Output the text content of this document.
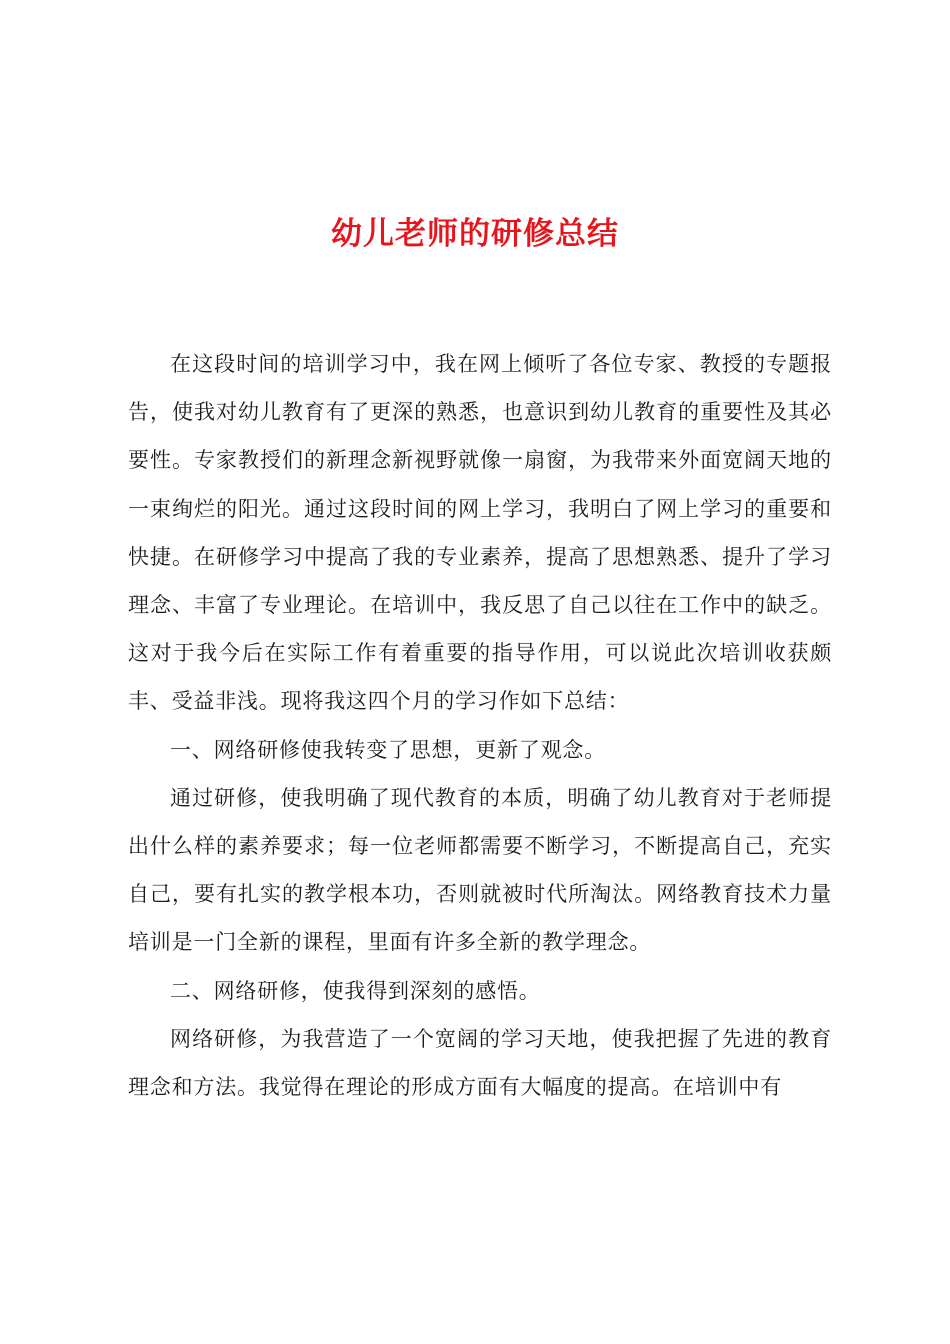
幼儿老师的研修总结

在这段时间的培训学习中，我在网上倾听了各位专家、教授的专题报告，使我对幼儿教育有了更深的熟悉，也意识到幼儿教育的重要性及其必要性。专家教授们的新理念新视野就像一扇窗，为我带来外面宽阔天地的一束绚烂的阳光。通过这段时间的网上学习，我明白了网上学习的重要和快捷。在研修学习中提高了我的专业素养，提高了思想熟悉、提升了学习理念、丰富了专业理论。在培训中，我反思了自己以往在工作中的缺乏。这对于我今后在实际工作有着重要的指导作用，可以说此次培训收获颇丰、受益非浅。现将我这四个月的学习作如下总结：

一、网络研修使我转变了思想，更新了观念。

通过研修，使我明确了现代教育的本质，明确了幼儿教育对于老师提出什么样的素养要求；每一位老师都需要不断学习，不断提高自己，充实自己，要有扎实的教学根本功，否则就被时代所淘汰。网络教育技术力量培训是一门全新的课程，里面有许多全新的教学理念。

二、网络研修，使我得到深刻的感悟。

网络研修，为我营造了一个宽阔的学习天地，使我把握了先进的教育理念和方法。我觉得在理论的形成方面有大幅度的提高。在培训中有
